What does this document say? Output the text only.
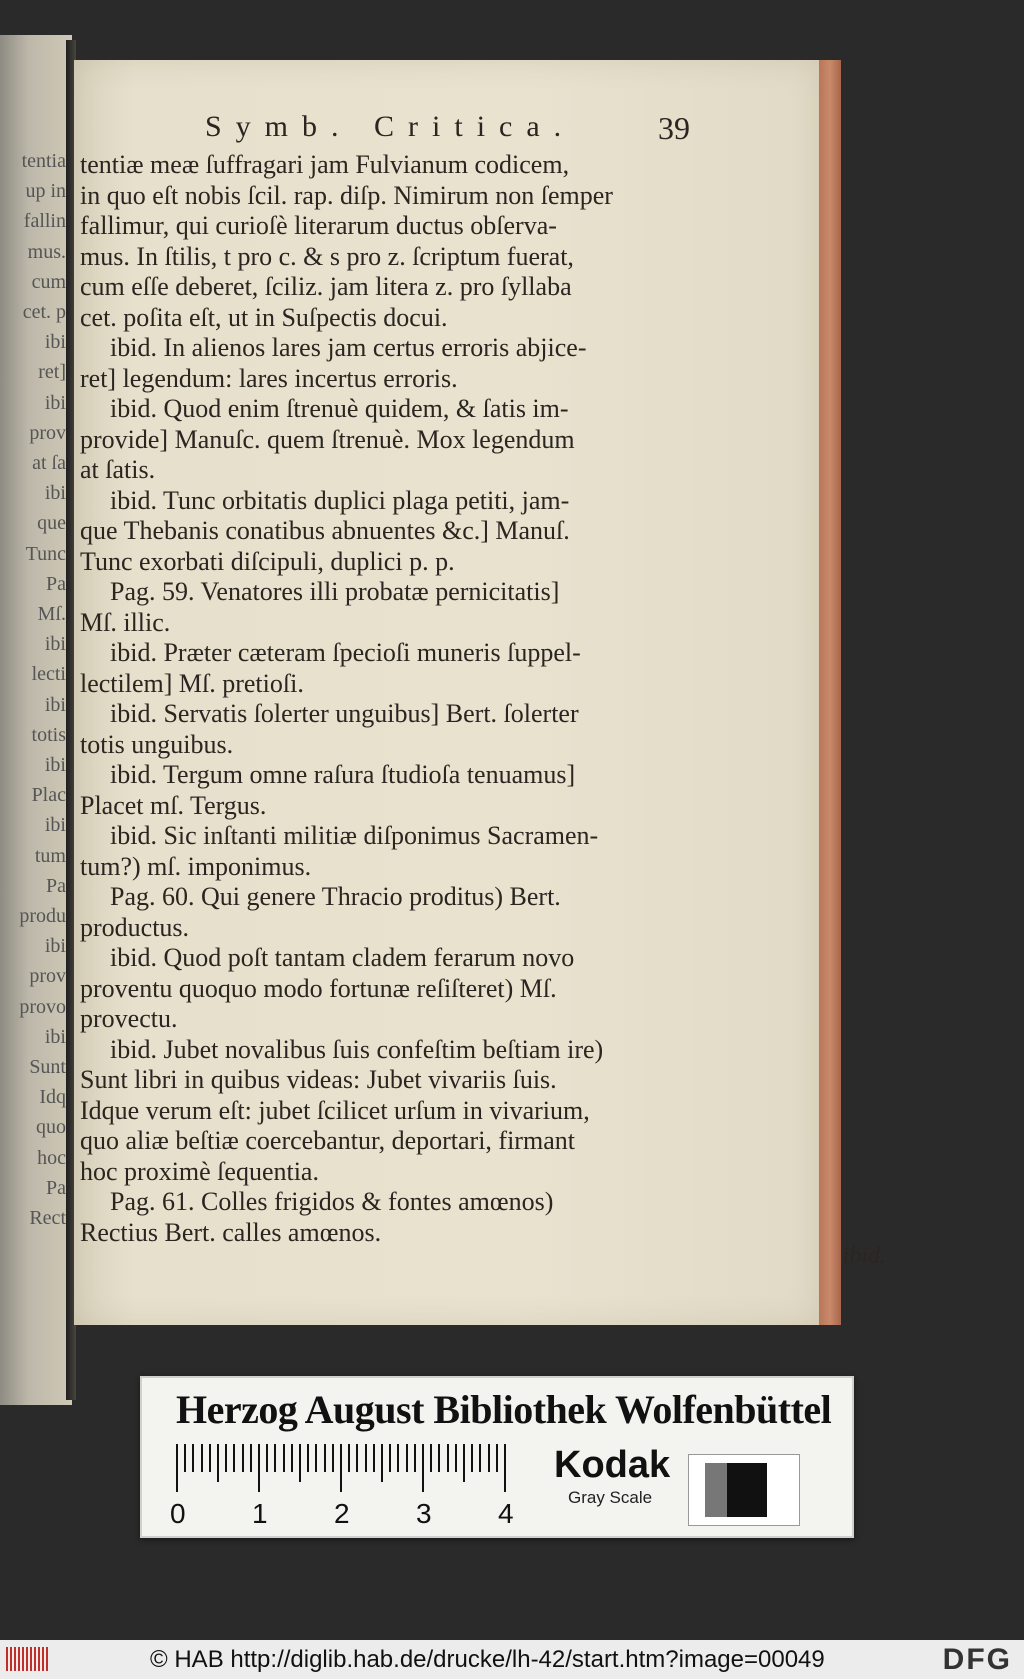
tentia
up in
fallin
mus.
cum
cet. p
ibi
ret]
ibi
prov
at ſa
ibi
que
Tunc
Pa
Mſ.
ibi
lecti
ibi
totis
ibi
Plac
ibi
tum
Pa
produ
ibi
prov
provo
ibi
Sunt
Idq
quo
hoc
Pa
Rect
Symb. Critica.	39
tentiæ meæ ſuffragari jam Fulvianum codicem,
in quo eſt nobis ſcil. rap. diſp. Nimirum non ſemper
fallimur, qui curioſè literarum ductus obſerva-
mus. In ſtilis, t pro c. & s pro z. ſcriptum fuerat,
cum eſſe deberet, ſciliz. jam litera z. pro ſyllaba
cet. poſita eſt, ut in Suſpectis docui.
ibid. In alienos lares jam certus erroris abjice-
ret] legendum: lares incertus erroris.
ibid. Quod enim ſtrenuè quidem, & ſatis im-
provide] Manuſc. quem ſtrenuè. Mox legendum
at ſatis.
ibid. Tunc orbitatis duplici plaga petiti, jam-
que Thebanis conatibus abnuentes &c.] Manuſ.
Tunc exorbati diſcipuli, duplici p. p.
Pag. 59. Venatores illi probatæ pernicitatis]
Mſ. illic.
ibid. Præter cæteram ſpecioſi muneris ſuppel-
lectilem] Mſ. pretioſi.
ibid. Servatis ſolerter unguibus] Bert. ſolerter
totis unguibus.
ibid. Tergum omne raſura ſtudioſa tenuamus]
Placet mſ. Tergus.
ibid. Sic inſtanti militiæ diſponimus Sacramen-
tum?) mſ. imponimus.
Pag. 60. Qui genere Thracio proditus) Bert.
productus.
ibid. Quod poſt tantam cladem ferarum novo
proventu quoquo modo fortunæ reſiſteret) Mſ.
provectu.
ibid. Jubet novalibus ſuis confeſtim beſtiam ire)
Sunt libri in quibus videas: Jubet vivariis ſuis.
Idque verum eſt: jubet ſcilicet urſum in vivarium,
quo aliæ beſtiæ coercebantur, deportari, firmant
hoc proximè ſequentia.
Pag. 61. Colles frigidos & fontes amœnos)
Rectius Bert. calles amœnos.
ibid.
Herzog August Bibliothek Wolfenbüttel
0 1 2 3 4
Kodak
Gray Scale
© HAB http://diglib.hab.de/drucke/lh-42/start.htm?image=00049	DFG
